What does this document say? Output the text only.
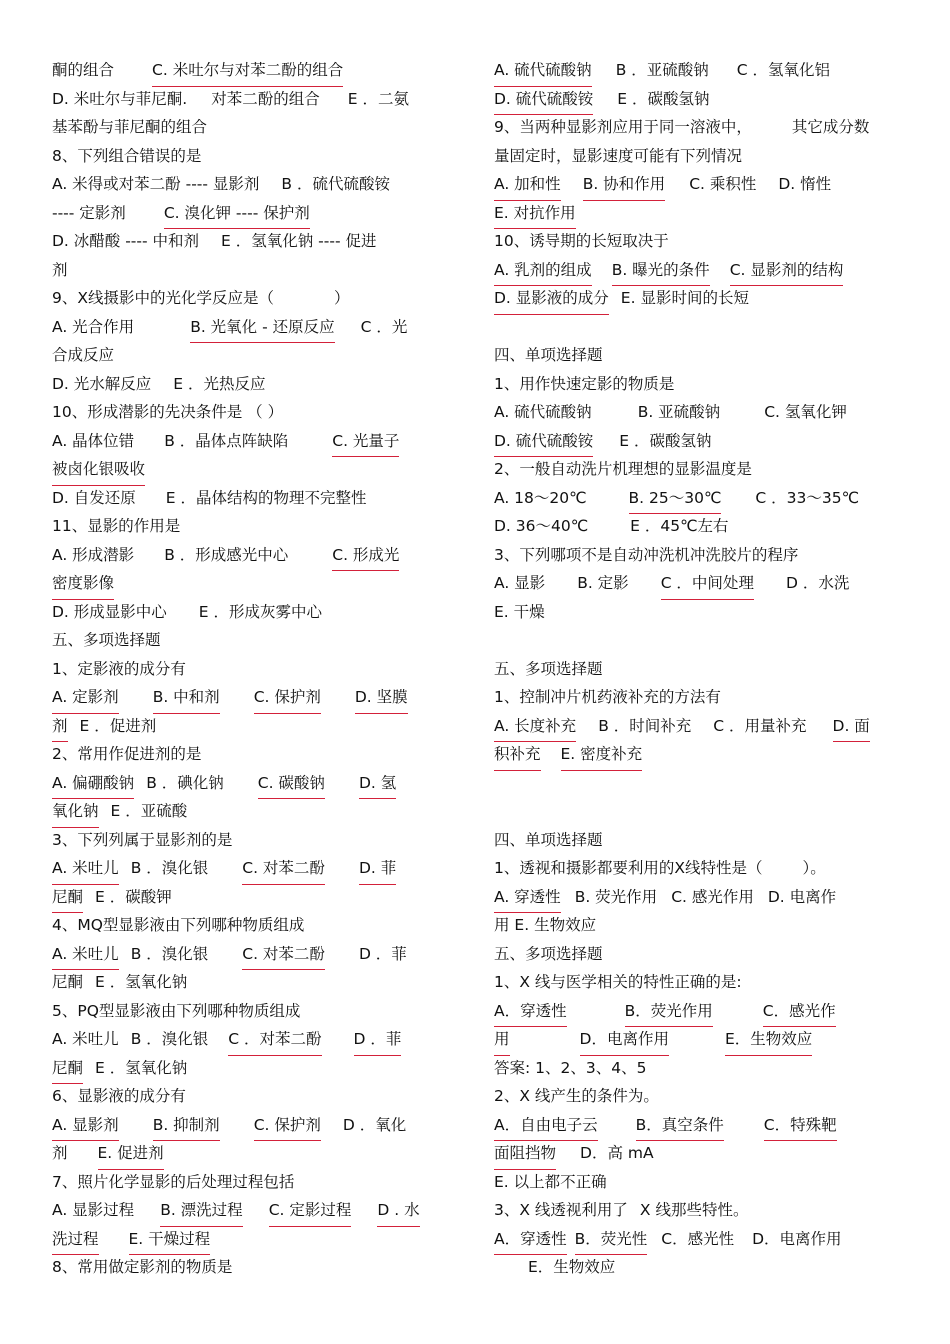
酮的组合 C. 米吐尔与对苯二酚的组合
D. 米吐尔与菲尼酮. 对苯二酚的组合 E ．二氨
基苯酚与菲尼酮的组合
8、下列组合错误的是
A. 米得或对苯二酚 ---- 显影剂 B ．硫代硫酸铵
---- 定影剂 C. 溴化钾 ---- 保护剂
D. 冰醋酸 ---- 中和剂 E ．氢氧化钠 ---- 促进
剂
9、X线摄影中的光化学反应是（	）
A. 光合作用	B. 光氧化 - 还原反应 C ．光
合成反应
D. 光水解反应 E ．光热反应
10、形成潜影的先决条件是 （ ）
A. 晶体位错 B ．晶体点阵缺陷	C. 光量子
被卤化银吸收
D. 自发还原 E ．晶体结构的物理不完整性
11、显影的作用是
A. 形成潜影 B ．形成感光中心	C. 形成光
密度影像
D. 形成显影中心 E ．形成灰雾中心
五、多项选择题
1、定影液的成分有
A. 定影剂 B. 中和剂 C. 保护剂 D. 坚膜
剂 E ．促进剂
2、常用作促进剂的是
A. 偏硼酸钠 B ．碘化钠 C. 碳酸钠 D. 氢
氧化钠 E ．亚硫酸
3、下列列属于显影剂的是
A. 米吐儿 B ．溴化银 C. 对苯二酚 D. 菲
尼酮 E ．碳酸钾
4、MQ型显影液由下列哪种物质组成
A. 米吐儿 B ．溴化银 C. 对苯二酚 D ．菲
尼酮 E ．氢氧化钠
5、PQ型显影液由下列哪种物质组成
A. 米吐儿 B ．溴化银 C ．对苯二酚 D ．菲
尼酮 E ．氢氧化钠
6、显影液的成分有
A. 显影剂 B. 抑制剂 C. 保护剂 D ．氧化
剂 E. 促进剂
7、照片化学显影的后处理过程包括
A. 显影过程 B. 漂洗过程 C. 定影过程 D . 水
洗过程 E. 干燥过程
8、常用做定影剂的物质是
A. 硫代硫酸钠 B ．亚硫酸钠 C ．氢氧化铝
D. 硫代硫酸铵 E ．碳酸氢钠
9、当两种显影剂应用于同一溶液中，	其它成分数
量固定时，显影速度可能有下列情况
A. 加和性 B. 协和作用 C. 乘积性 D. 惰性
E. 对抗作用
10、诱导期的长短取决于
A. 乳剂的组成 B. 曝光的条件 C. 显影剂的结构
D. 显影液的成分 E. 显影时间的长短
四、单项选择题
1、用作快速定影的物质是
A. 硫代硫酸钠	B. 亚硫酸钠	C. 氢氧化钾
D. 硫代硫酸铵 E ．碳酸氢钠
2、一般自动洗片机理想的显影温度是
A. 18～20℃	B. 25～30℃ C ．33～35℃
D. 36～40℃	E ．45℃左右
3、下列哪项不是自动冲洗机冲洗胶片的程序
A. 显影 B. 定影 C ．中间处理 D ．水洗
E. 干燥
五、多项选择题
1、控制冲片机药液补充的方法有
A. 长度补充 B ．时间补充 C ．用量补充 D. 面
积补充 E. 密度补充
四、单项选择题
1、透视和摄影都要利用的X线特性是（	）。
A. 穿透性 B. 荧光作用 C. 感光作用 D. 电离作
用 E. 生物效应
五、多项选择题
1、X 线与医学相关的特性正确的是:
A．穿透性	B．荧光作用	C．感光作
用	D．电离作用	E．生物效应
答案: 1、2、3、4、5
2、X 线产生的条件为。
A．自由电子云 B．真空条件	C．特殊靶
面阻挡物 D．高 mA
E. 以上都不正确
3、X 线透视利用了 X 线那些特性。
A．穿透性 B．荧光性 C．感光性 D．电离作用
E．生物效应
